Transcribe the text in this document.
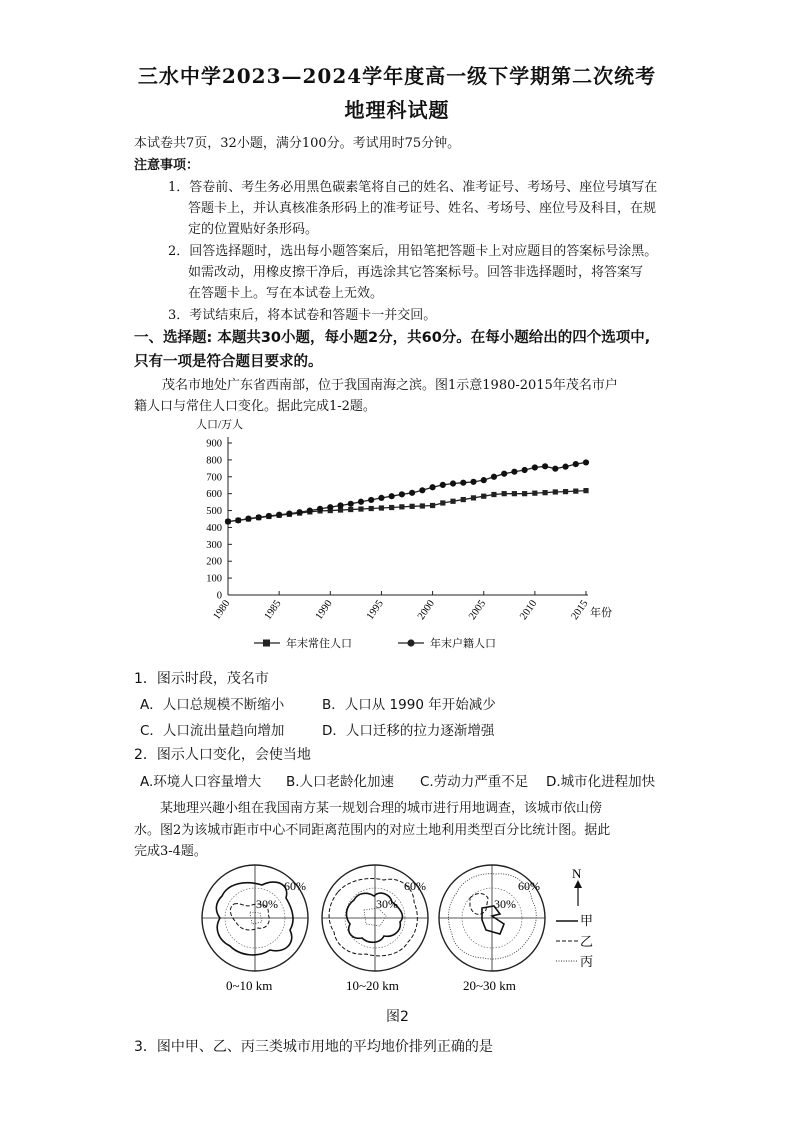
三水中学2023—2024学年度高一级下学期第二次统考
地理科试题
本试卷共7页，32小题，满分100分。考试用时75分钟。
注意事项：
1．答卷前、考生务必用黑色碳素笔将自己的姓名、准考证号、考场号、座位号填写在
答题卡上，并认真核准条形码上的准考证号、姓名、考场号、座位号及科目，在规
定的位置贴好条形码。
2．回答选择题时，选出每小题答案后，用铅笔把答题卡上对应题目的答案标号涂黑。
如需改动，用橡皮擦干净后，再选涂其它答案标号。回答非选择题时，将答案写
在答题卡上。写在本试卷上无效。
3．考试结束后，将本试卷和答题卡一并交回。
一、选择题: 本题共30小题，每小题2分，共60分。在每小题给出的四个选项中,
只有一项是符合题目要求的。
茂名市地处广东省西南部，位于我国南海之滨。图1示意1980-2015年茂名市户
籍人口与常住人口变化。据此完成1-2题。
人口/万人
年份
0
100
200
300
400
500
600
700
800
900
1980	1985	1990	1995	2000	2005	2010	2015
年末常住人口	年末户籍人口
1．图示时段，茂名市
A．人口总规模不断缩小	B．人口从 1990 年开始减少
C．人口流出量趋向增加	D．人口迁移的拉力逐渐增强
2．图示人口变化，会使当地
A.环境人口容量增大 B.人口老龄化加速 C.劳动力严重不足 D.城市化进程加快
某地理兴趣小组在我国南方某一规划合理的城市进行用地调查，该城市依山傍
水。图2为该城市距市中心不同距离范围内的对应土地利用类型百分比统计图。据此
完成3-4题。
60%
30%
0~10 km
60%
30%
10~20 km
60%
30%
20~30 km
N
甲
乙
丙
图2
3．图中甲、乙、丙三类城市用地的平均地价排列正确的是
